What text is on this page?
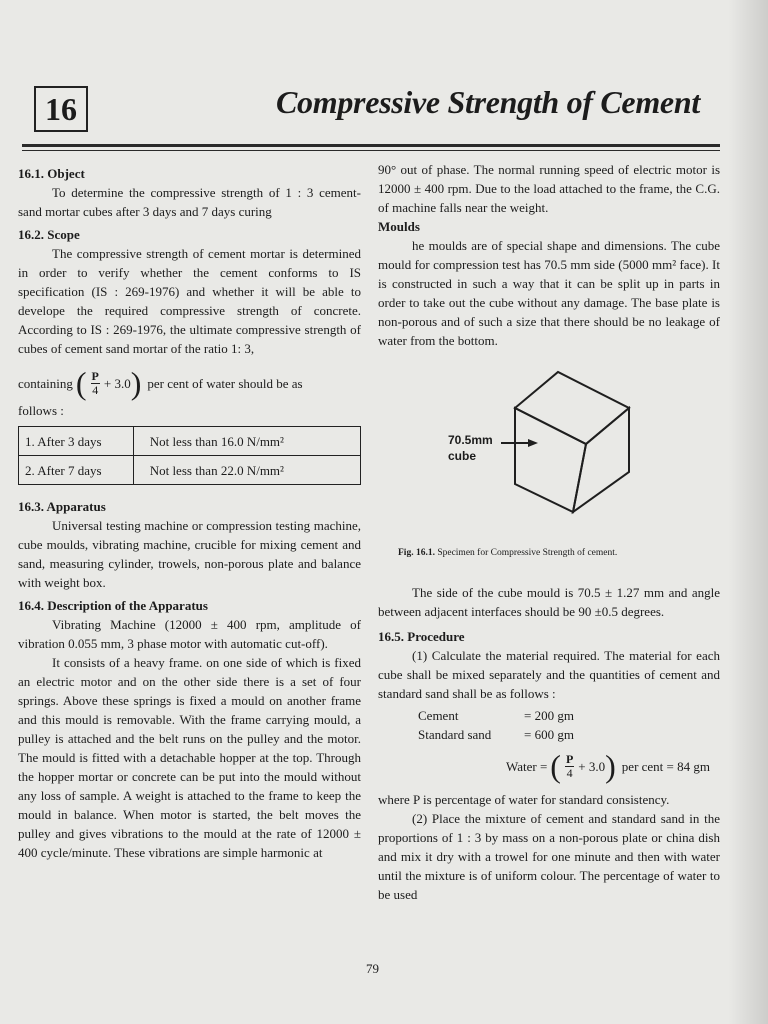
16	Compressive Strength of Cement

16.1. Object

To determine the compressive strength of 1 : 3 cement-sand mortar cubes after 3 days and 7 days curing

16.2. Scope

The compressive strength of cement mortar is determined in order to verify whether the cement conforms to IS specification (IS : 269-1976) and whether it will be able to develope the required compressive strength of concrete. According to IS : 269-1976, the ultimate compressive strength of cubes of cement sand mortar of the ratio 1: 3,

containing ( $\frac{P}{4} + 3.0$ ) per cent of water should be as

follows :

1. After 3 days	Not less than 16.0 N/mm²
2. After 7 days	Not less than 22.0 N/mm²

16.3. Apparatus

Universal testing machine or compression testing machine, cube moulds, vibrating machine, crucible for mixing cement and sand, measuring cylinder, trowels, non-porous plate and balance with weight box.

16.4. Description of the Apparatus

Vibrating Machine (12000 ± 400 rpm, amplitude of vibration 0.055 mm, 3 phase motor with automatic cut-off).

It consists of a heavy frame. on one side of which is fixed an electric motor and on the other side there is a set of four springs. Above these springs is fixed a mould on another frame and this mould is removable. With the frame carrying mould, a pulley is attached and the belt runs on the pulley and the motor. The mould is fitted with a detachable hopper at the top. Through the hopper mortar or concrete can be put into the mould without any loss of sample. A weight is attached to the frame to keep the mould in balance. When motor is started, the belt moves the pulley and gives vibrations to the mould at the rate of 12000 ± 400 cycle/minute. These vibrations are simple harmonic at

90° out of phase. The normal running speed of electric motor is 12000 ± 400 rpm. Due to the load attached to the frame, the C.G. of machine falls near the weight.

Moulds

he moulds are of special shape and dimensions. The cube mould for compression test has 70.5 mm side (5000 mm² face). It is constructed in such a way that it can be split up in parts in order to take out the cube without any damage. The base plate is non-porous and of such a size that there should be no leakage of water from the bottom.

70.5mm
cube

Fig. 16.1. Specimen for Compressive Strength of cement.

The side of the cube mould is 70.5 ± 1.27 mm and angle between adjacent interfaces should be 90 ±0.5 degrees.

16.5. Procedure

(1) Calculate the material required. The material for each cube shall be mixed separately and the quantities of cement and standard sand shall be as follows :

Cement	= 200 gm
Standard sand	= 600 gm
Water = ( $\frac{P}{4} + 3.0$ ) per cent = 84 gm

where P is percentage of water for standard consistency.

(2) Place the mixture of cement and standard sand in the proportions of 1 : 3 by mass on a non-porous plate or china dish and mix it dry with a trowel for one minute and then with water until the mixture is of uniform colour. The percentage of water to be used

79
